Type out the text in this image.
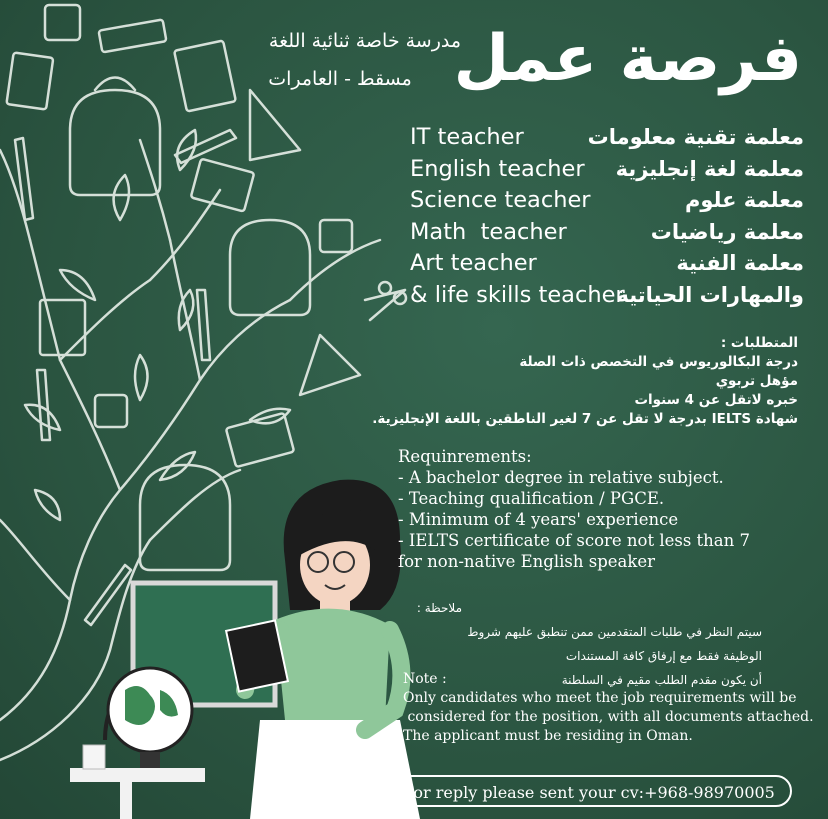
فرصة عمل
مدرسة خاصة ثنائية اللغة
مسقط - العامرات
IT teacher
English teacher
Science teacher
Math  teacher
Art teacher
& life skills teacher
معلمة تقنية معلومات
معلمة لغة إنجليزية
معلمة علوم
معلمة رياضيات
معلمة الفنية
والمهارات الحياتية
المتطلبات :
درجة البكالوريوس في التخصص ذات الصلة
مؤهل تربوي
خبره لاتقل عن 4 سنوات
شهادة IELTS بدرجة لا تقل عن 7 لغير الناطقين باللغة الإنجليزية.
Requinrements:
- A bachelor degree in relative subject.
- Teaching qualification / PGCE.
- Minimum of 4 years' experience
- IELTS certificate of score not less than 7
for non-native English speaker
ملاحظة :
سيتم النظر في طلبات المتقدمين ممن تنطبق عليهم شروط
الوظيفة فقط مع إرفاق كافة المستندات
أن يكون مقدم الطلب مقيم في السلطنة
Note :
Only candidates who meet the job requirements will be
considered for the position, with all documents attached.
The applicant must be residing in Oman.
For reply please sent your cv:+968-98970005
